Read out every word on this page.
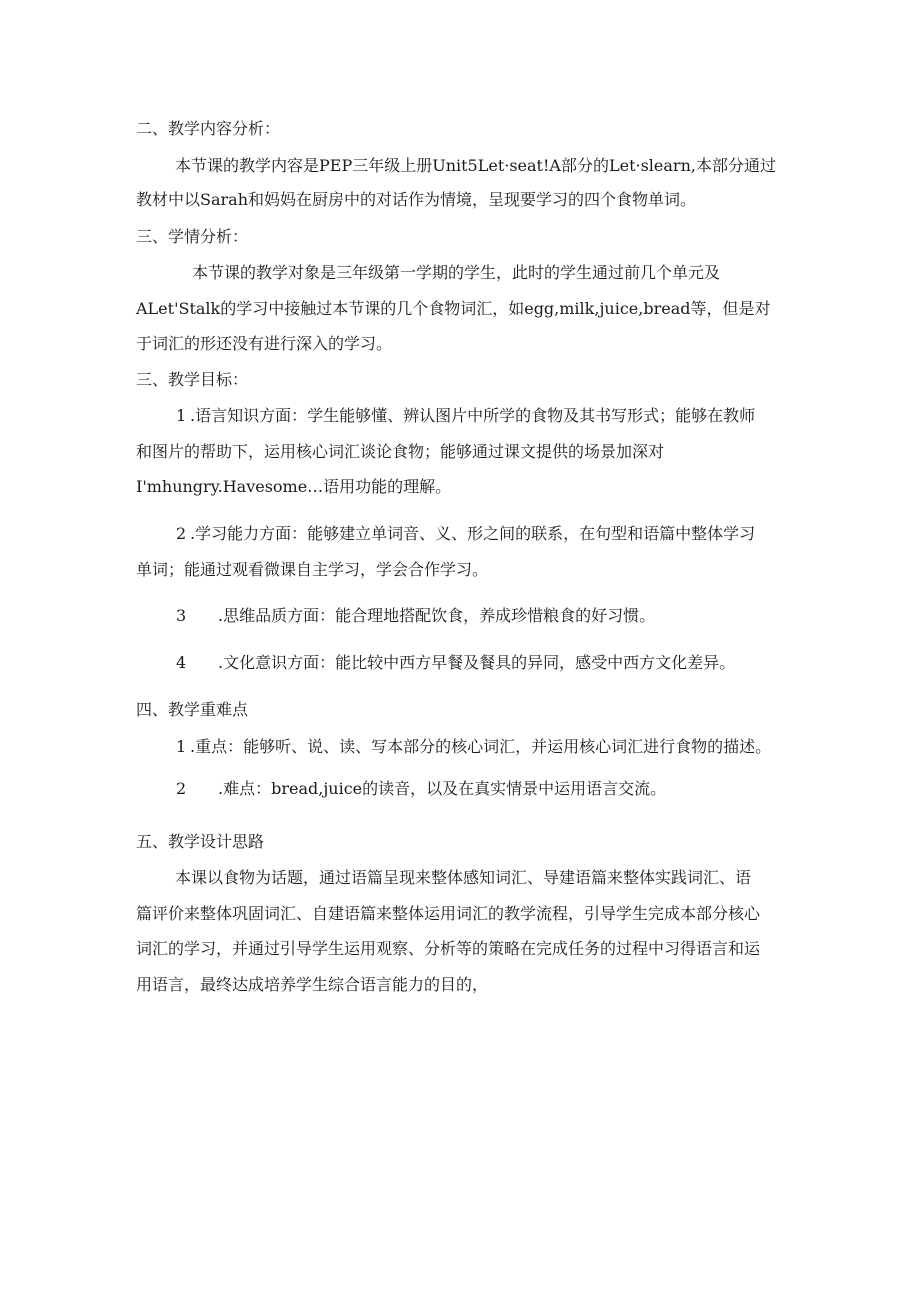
二、教学内容分析：
本节课的教学内容是PEP三年级上册Unit5Let·seat!A部分的Let·slearn,本部分通过
教材中以Sarah和妈妈在厨房中的对话作为情境，呈现要学习的四个食物单词。
三、学情分析：
本节课的教学对象是三年级第一学期的学生，此时的学生通过前几个单元及
ALet'Stalk的学习中接触过本节课的几个食物词汇，如egg,milk,juice,bread等，但是对
于词汇的形还没有进行深入的学习。
三、教学目标：
1 .语言知识方面：学生能够懂、辨认图片中所学的食物及其书写形式；能够在教师
和图片的帮助下，运用核心词汇谈论食物；能够通过课文提供的场景加深对
I'mhungry.Havesome…语用功能的理解。
2 .学习能力方面：能够建立单词音、义、形之间的联系，在句型和语篇中整体学习
单词；能通过观看微课自主学习，学会合作学习。
3 .思维品质方面：能合理地搭配饮食，养成珍惜粮食的好习惯。
4 .文化意识方面：能比较中西方早餐及餐具的异同，感受中西方文化差异。
四、教学重难点
1 .重点：能够听、说、读、写本部分的核心词汇，并运用核心词汇进行食物的描述。
2 .难点：bread,juice的读音，以及在真实情景中运用语言交流。
五、教学设计思路
本课以食物为话题，通过语篇呈现来整体感知词汇、导建语篇来整体实践词汇、语
篇评价来整体巩固词汇、自建语篇来整体运用词汇的教学流程，引导学生完成本部分核心
词汇的学习，并通过引导学生运用观察、分析等的策略在完成任务的过程中习得语言和运
用语言，最终达成培养学生综合语言能力的目的，
